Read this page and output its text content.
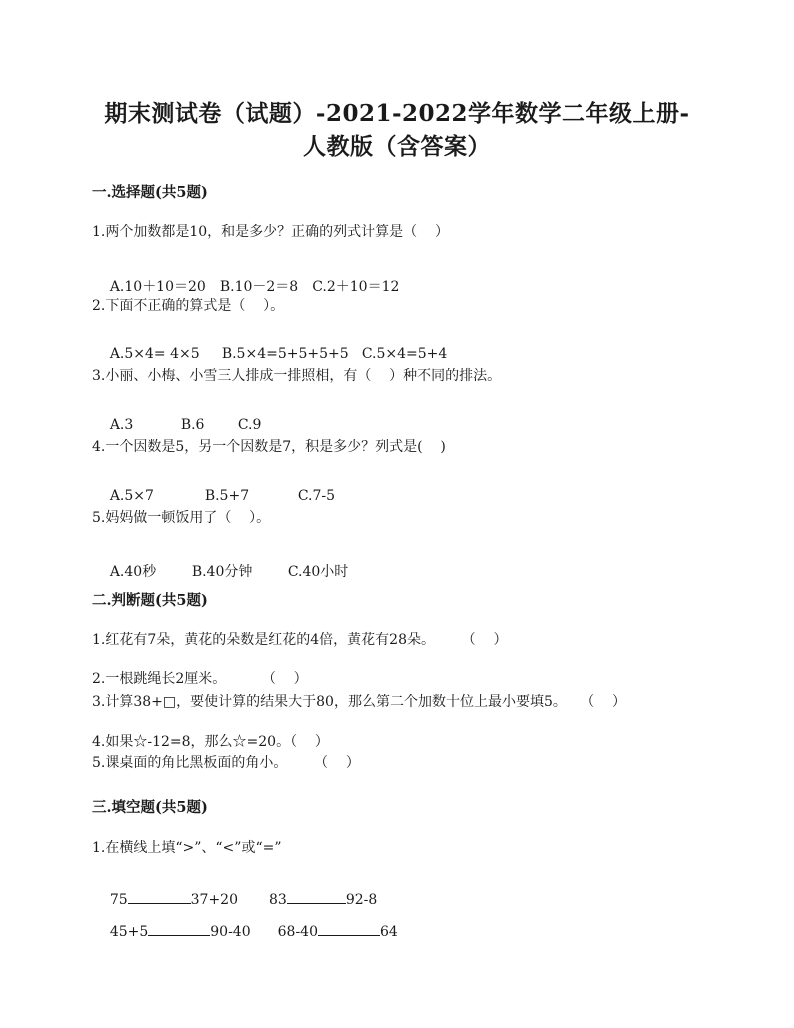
期末测试卷（试题）-2021-2022学年数学二年级上册-
人教版（含答案）
一.选择题(共5题)
1.两个加数都是10，和是多少？正确的列式计算是（    ）

A.10＋10＝20 B.10－2＝8 C.2＋10＝12

2.下面不正确的算式是（    ）。

A.5×4= 4×5 B.5×4=5+5+5+5 C.5×4=5+4

3.小丽、小梅、小雪三人排成一排照相，有（    ）种不同的排法。

A.3	B.6 C.9

4.一个因数是5，另一个因数是7，积是多少？列式是(    )

A.5×7	B.5+7	C.7-5

5.妈妈做一顿饭用了（    ）。

A.40秒	B.40分钟	C.40小时

二.判断题(共5题)
1.红花有7朵，黄花的朵数是红花的4倍，黄花有28朵。      （    ）
2.一根跳绳长2厘米。        （    ）
3.计算38+□，要使计算的结果大于80，那么第二个加数十位上最小要填5。   （    ）
4.如果☆-12=8，那么☆=20。（    ）
5.课桌面的角比黑板面的角小。      （    ）
三.填空题(共5题)
1.在横线上填“>”、“<”或“=”

75	37+20 83	92-8

45+5	90-40 68-40	64
